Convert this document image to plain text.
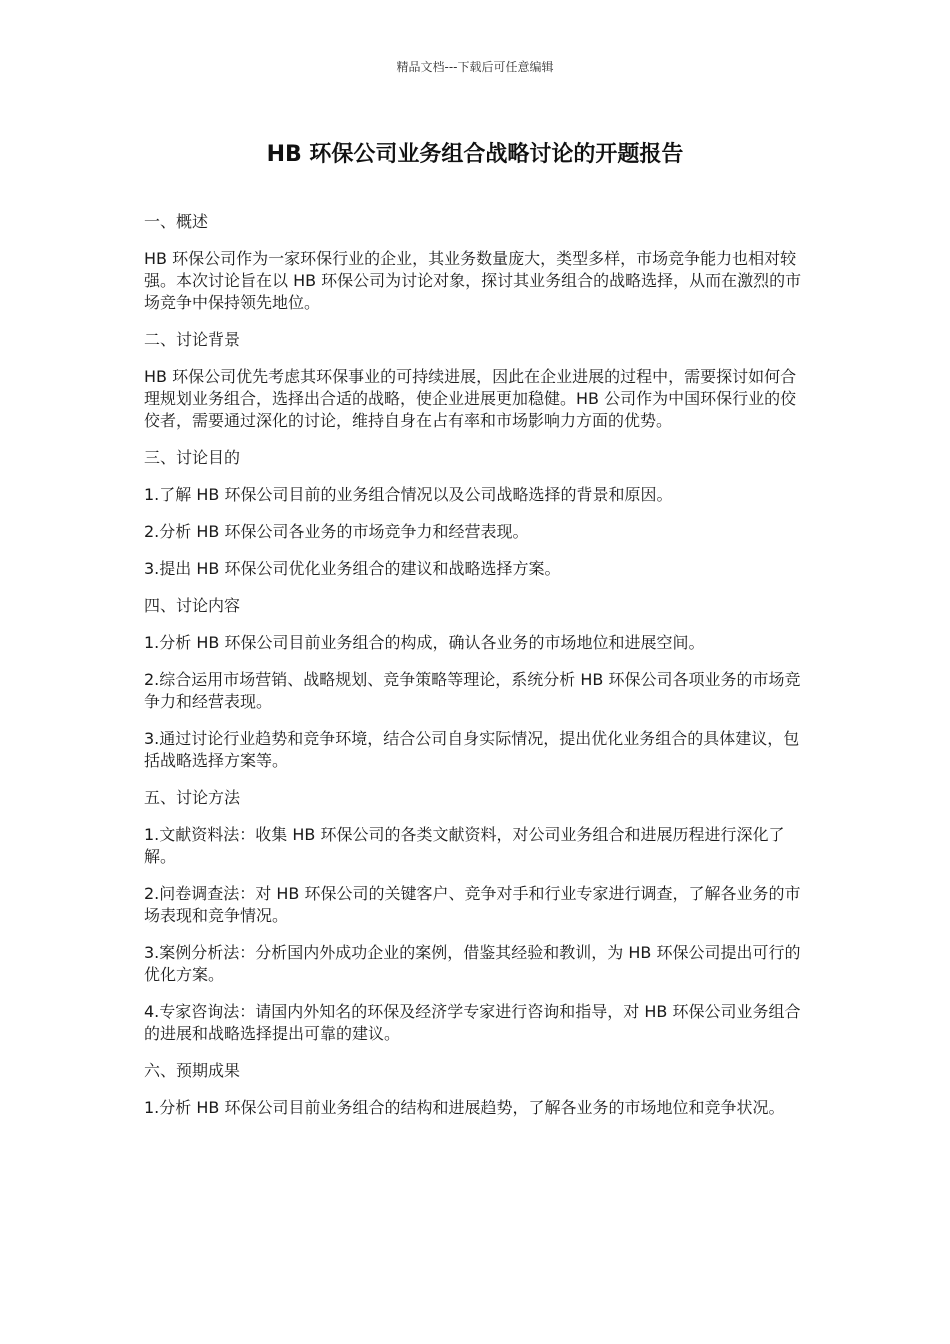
精品文档---下载后可任意编辑
HB 环保公司业务组合战略讨论的开题报告

一、概述

HB 环保公司作为一家环保行业的企业，其业务数量庞大，类型多样，市场竞争能力也相对较强。本次讨论旨在以 HB 环保公司为讨论对象，探讨其业务组合的战略选择，从而在激烈的市场竞争中保持领先地位。

二、讨论背景

HB 环保公司优先考虑其环保事业的可持续进展，因此在企业进展的过程中，需要探讨如何合理规划业务组合，选择出合适的战略，使企业进展更加稳健。HB 公司作为中国环保行业的佼佼者，需要通过深化的讨论，维持自身在占有率和市场影响力方面的优势。

三、讨论目的

1.了解 HB 环保公司目前的业务组合情况以及公司战略选择的背景和原因。

2.分析 HB 环保公司各业务的市场竞争力和经营表现。

3.提出 HB 环保公司优化业务组合的建议和战略选择方案。

四、讨论内容

1.分析 HB 环保公司目前业务组合的构成，确认各业务的市场地位和进展空间。

2.综合运用市场营销、战略规划、竞争策略等理论，系统分析 HB 环保公司各项业务的市场竞争力和经营表现。

3.通过讨论行业趋势和竞争环境，结合公司自身实际情况，提出优化业务组合的具体建议，包括战略选择方案等。

五、讨论方法

1.文献资料法：收集 HB 环保公司的各类文献资料，对公司业务组合和进展历程进行深化了解。

2.问卷调查法：对 HB 环保公司的关键客户、竞争对手和行业专家进行调查，了解各业务的市场表现和竞争情况。

3.案例分析法：分析国内外成功企业的案例，借鉴其经验和教训，为 HB 环保公司提出可行的优化方案。

4.专家咨询法：请国内外知名的环保及经济学专家进行咨询和指导，对 HB 环保公司业务组合的进展和战略选择提出可靠的建议。

六、预期成果

1.分析 HB 环保公司目前业务组合的结构和进展趋势，了解各业务的市场地位和竞争状况。
